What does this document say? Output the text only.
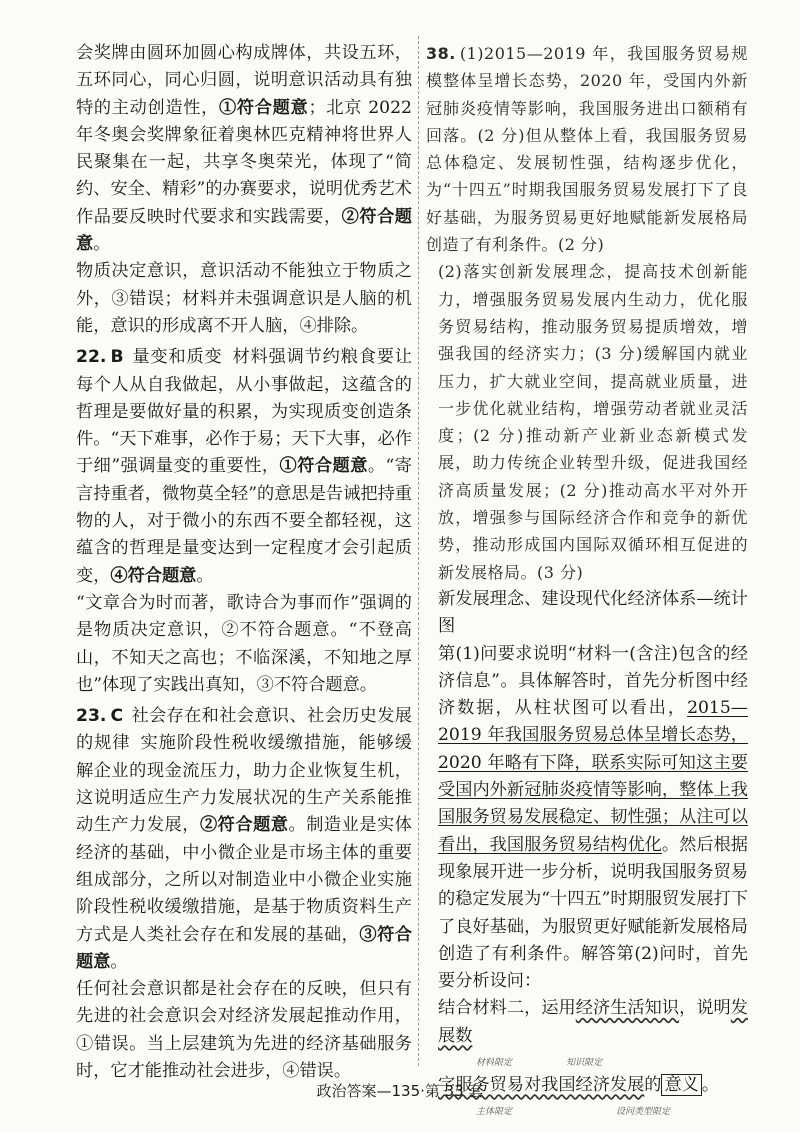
会奖牌由圆环加圆心构成牌体，共设五环，五环同心，同心归圆，说明意识活动具有独特的主动创造性，①符合题意；北京 2022 年冬奥会奖牌象征着奥林匹克精神将世界人民聚集在一起，共享冬奥荣光，体现了“简约、安全、精彩”的办赛要求，说明优秀艺术作品要反映时代要求和实践需要，②符合题意。

物质决定意识，意识活动不能独立于物质之外，③错误；材料并未强调意识是人脑的机能，意识的形成离不开人脑，④排除。

22. B 量变和质变 材料强调节约粮食要让每个人从自我做起，从小事做起，这蕴含的哲理是要做好量的积累，为实现质变创造条件。“天下难事，必作于易；天下大事，必作于细”强调量变的重要性，①符合题意。“寄言持重者，微物莫全轻”的意思是告诫把持重物的人，对于微小的东西不要全都轻视，这蕴含的哲理是量变达到一定程度才会引起质变，④符合题意。

“文章合为时而著，歌诗合为事而作”强调的是物质决定意识，②不符合题意。“不登高山，不知天之高也；不临深溪，不知地之厚也”体现了实践出真知，③不符合题意。

23. C 社会存在和社会意识、社会历史发展的规律 实施阶段性税收缓缴措施，能够缓解企业的现金流压力，助力企业恢复生机，这说明适应生产力发展状况的生产关系能推动生产力发展，②符合题意。制造业是实体经济的基础，中小微企业是市场主体的重要组成部分，之所以对制造业中小微企业实施阶段性税收缓缴措施，是基于物质资料生产方式是人类社会存在和发展的基础，③符合题意。

任何社会意识都是社会存在的反映，但只有先进的社会意识会对经济发展起推动作用，①错误。当上层建筑为先进的经济基础服务时，它才能推动社会进步，④错误。

38. (1)2015—2019 年，我国服务贸易规模整体呈增长态势，2020 年，受国内外新冠肺炎疫情等影响，我国服务进出口额稍有回落。(2 分)但从整体上看，我国服务贸易总体稳定、发展韧性强，结构逐步优化，为“十四五”时期我国服务贸易发展打下了良好基础，为服务贸易更好地赋能新发展格局创造了有利条件。(2 分)

(2)落实创新发展理念，提高技术创新能力，增强服务贸易发展内生动力，优化服务贸易结构，推动服务贸易提质增效，增强我国的经济实力；(3 分)缓解国内就业压力，扩大就业空间，提高就业质量，进一步优化就业结构，增强劳动者就业灵活度；(2 分)推动新产业新业态新模式发展，助力传统企业转型升级，促进我国经济高质量发展；(2 分)推动高水平对外开放，增强参与国际经济合作和竞争的新优势，推动形成国内国际双循环相互促进的新发展格局。(3 分)

新发展理念、建设现代化经济体系—统计图

第(1)问要求说明“材料一(含注)包含的经济信息”。具体解答时，首先分析图中经济数据，从柱状图可以看出，2015—2019 年我国服务贸易总体呈增长态势，2020 年略有下降，联系实际可知这主要受国内外新冠肺炎疫情等影响，整体上我国服务贸易发展稳定、韧性强；从注可以看出，我国服务贸易结构优化。然后根据现象展开进一步分析，说明我国服务贸易的稳定发展为“十四五”时期服贸发展打下了良好基础，为服贸更好赋能新发展格局创造了有利条件。解答第(2)问时，首先要分析设问：

结合材料二，运用经济生活知识，说明发展数

材料限定	知识限定

字服务贸易对我国经济发展的 意义 。

主体限定	设问类型限定
政治答案—135·第 33 套
